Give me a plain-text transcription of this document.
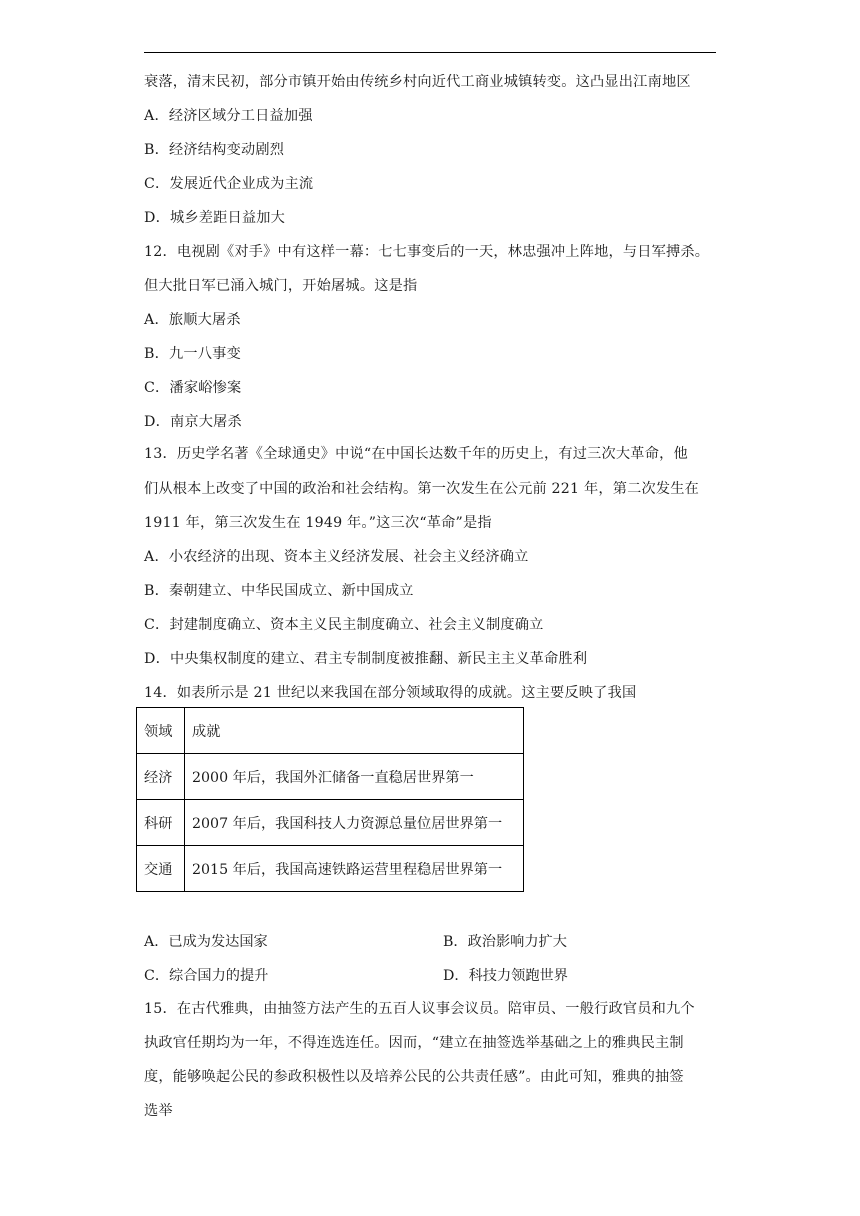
衰落，清末民初，部分市镇开始由传统乡村向近代工商业城镇转变。这凸显出江南地区
A．经济区域分工日益加强
B．经济结构变动剧烈
C．发展近代企业成为主流
D．城乡差距日益加大
12．电视剧《对手》中有这样一幕：七七事变后的一天，林忠强冲上阵地，与日军搏杀。
但大批日军已涌入城门，开始屠城。这是指
A．旅顺大屠杀
B．九一八事变
C．潘家峪惨案
D．南京大屠杀
13．历史学名著《全球通史》中说“在中国长达数千年的历史上，有过三次大革命，他
们从根本上改变了中国的政治和社会结构。第一次发生在公元前 221 年，第二次发生在
1911 年，第三次发生在 1949 年。”这三次“革命”是指
A．小农经济的出现、资本主义经济发展、社会主义经济确立
B．秦朝建立、中华民国成立、新中国成立
C．封建制度确立、资本主义民主制度确立、社会主义制度确立
D．中央集权制度的建立、君主专制制度被推翻、新民主主义革命胜利
14．如表所示是 21 世纪以来我国在部分领域取得的成就。这主要反映了我国
领域	成就
经济	2000 年后，我国外汇储备一直稳居世界第一
科研	2007 年后，我国科技人力资源总量位居世界第一
交通	2015 年后，我国高速铁路运营里程稳居世界第一
A．已成为发达国家	B．政治影响力扩大
C．综合国力的提升	D．科技力领跑世界
15．在古代雅典，由抽签方法产生的五百人议事会议员。陪审员、一般行政官员和九个
执政官任期均为一年，不得连选连任。因而，“建立在抽签选举基础之上的雅典民主制
度，能够唤起公民的参政积极性以及培养公民的公共责任感”。由此可知，雅典的抽签
选举
